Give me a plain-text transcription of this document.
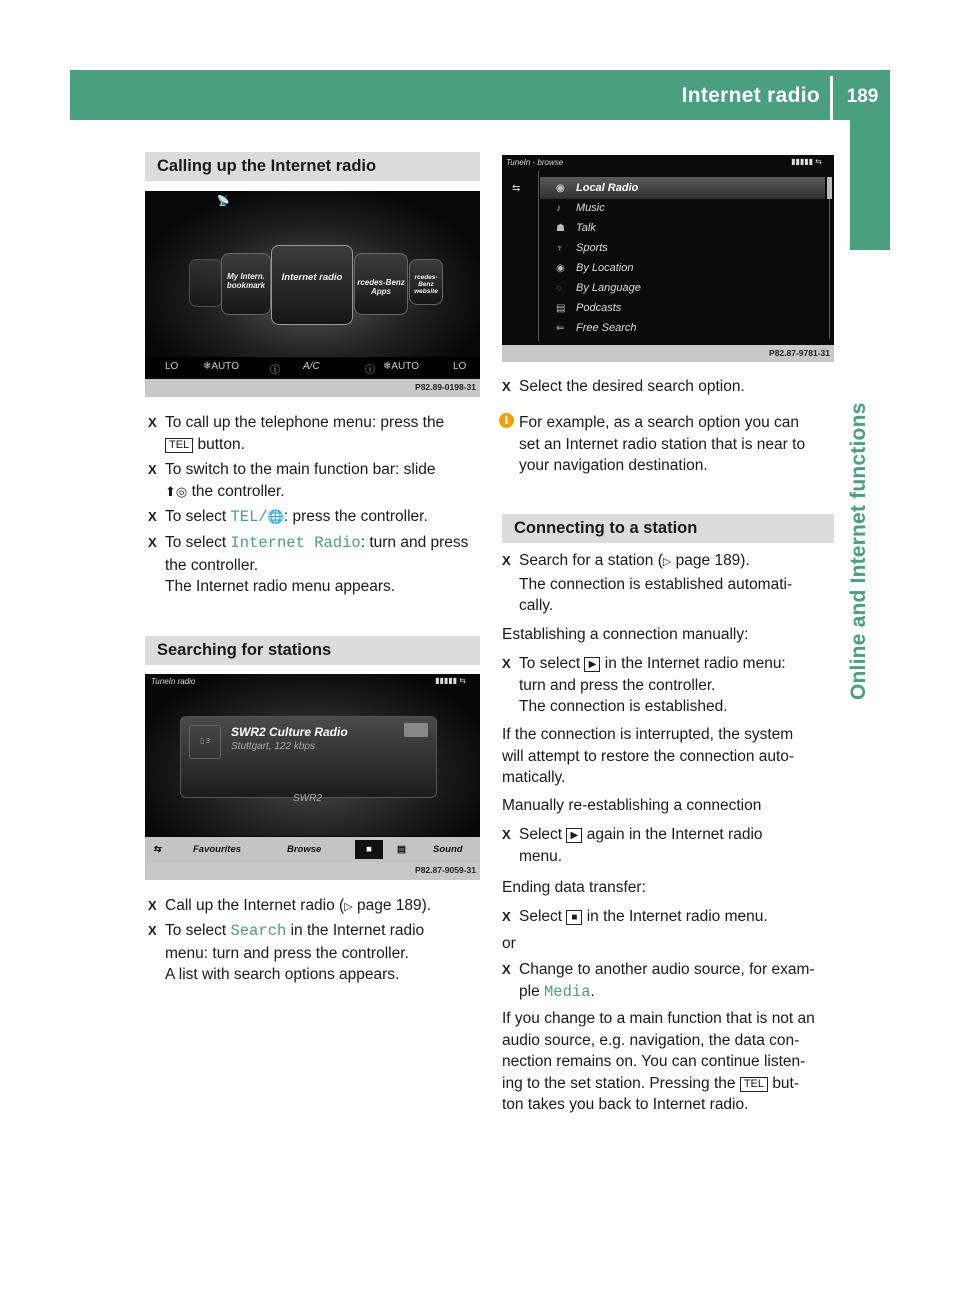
Internet radio	189
Online and Internet functions
Calling up the Internet radio
📡
My Intern. bookmark
Internet radio	rcedes-Benz Apps
rcedes-Benz website
LO ❄AUTO	ⓘ A/C	ⓘ ❄AUTO	LO
P82.89-0198-31
X To call up the telephone menu: press the
TEL button.
X To switch to the main function bar: slide
⬆◎ the controller.
X To select TEL/🌐: press the controller.
X To select Internet Radio: turn and press
the controller.
The Internet radio menu appears.
Searching for stations
TuneIn radio	▮▮▮▮▮ ⇆
▯ 3
SWR2 Culture Radio
Stuttgart, 122 kbps
SWR2
⇆	Favourites	Browse	■	▤	Sound
P82.87-9059-31
X Call up the Internet radio (▷ page 189).
X To select Search in the Internet radio
menu: turn and press the controller.
A list with search options appears.
TuneIn - browse	▮▮▮▮▮ ⇆
⇆	◉ Local Radio
♪ Music
☗ Talk
♆ Sports
◉ By Location
◌ By Language
▤ Podcasts
⇐ Free Search
P82.87-9781-31
X Select the desired search option.
i For example, as a search option you can
set an Internet radio station that is near to
your navigation destination.
Connecting to a station
X Search for a station (▷ page 189).
The connection is established automati-
cally.
Establishing a connection manually:
X To select ▶ in the Internet radio menu:
turn and press the controller.
The connection is established.
If the connection is interrupted, the system
will attempt to restore the connection auto-
matically.
Manually re-establishing a connection
X Select ▶ again in the Internet radio
menu.
Ending data transfer:
X Select ■ in the Internet radio menu.
or
X Change to another audio source, for exam-
ple Media.
If you change to a main function that is not an
audio source, e.g. navigation, the data con-
nection remains on. You can continue listen-
ing to the set station. Pressing the TEL but-
ton takes you back to Internet radio.
